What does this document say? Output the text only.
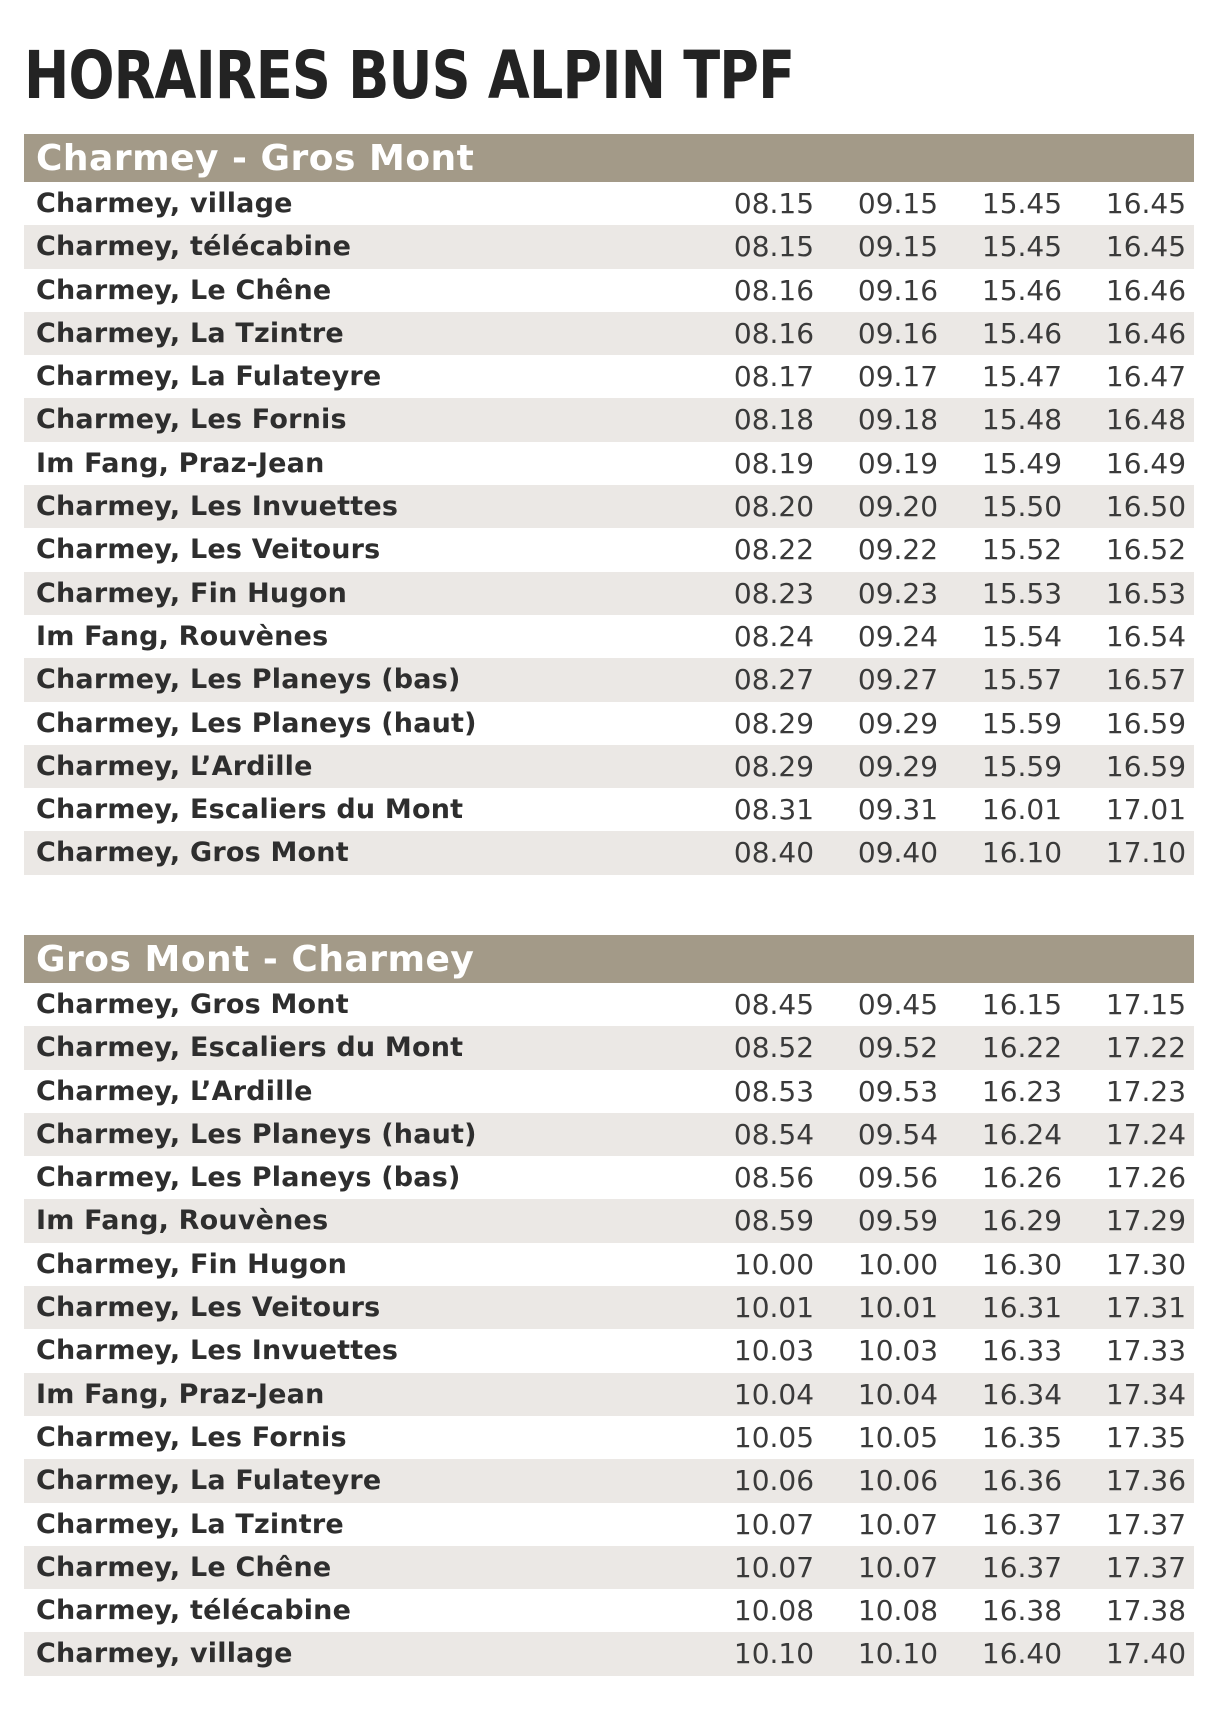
HORAIRES BUS ALPIN TPF
Charmey - Gros Mont
Charmey, village	08.15	09.15	15.45	16.45
Charmey, télécabine	08.15	09.15	15.45	16.45
Charmey, Le Chêne	08.16	09.16	15.46	16.46
Charmey, La Tzintre	08.16	09.16	15.46	16.46
Charmey, La Fulateyre	08.17	09.17	15.47	16.47
Charmey, Les Fornis	08.18	09.18	15.48	16.48
Im Fang, Praz-Jean	08.19	09.19	15.49	16.49
Charmey, Les Invuettes	08.20	09.20	15.50	16.50
Charmey, Les Veitours	08.22	09.22	15.52	16.52
Charmey, Fin Hugon	08.23	09.23	15.53	16.53
Im Fang, Rouvènes	08.24	09.24	15.54	16.54
Charmey, Les Planeys (bas)	08.27	09.27	15.57	16.57
Charmey, Les Planeys (haut)	08.29	09.29	15.59	16.59
Charmey, L’Ardille	08.29	09.29	15.59	16.59
Charmey, Escaliers du Mont	08.31	09.31	16.01	17.01
Charmey, Gros Mont	08.40	09.40	16.10	17.10
Gros Mont - Charmey
Charmey, Gros Mont	08.45	09.45	16.15	17.15
Charmey, Escaliers du Mont	08.52	09.52	16.22	17.22
Charmey, L’Ardille	08.53	09.53	16.23	17.23
Charmey, Les Planeys (haut)	08.54	09.54	16.24	17.24
Charmey, Les Planeys (bas)	08.56	09.56	16.26	17.26
Im Fang, Rouvènes	08.59	09.59	16.29	17.29
Charmey, Fin Hugon	10.00	10.00	16.30	17.30
Charmey, Les Veitours	10.01	10.01	16.31	17.31
Charmey, Les Invuettes	10.03	10.03	16.33	17.33
Im Fang, Praz-Jean	10.04	10.04	16.34	17.34
Charmey, Les Fornis	10.05	10.05	16.35	17.35
Charmey, La Fulateyre	10.06	10.06	16.36	17.36
Charmey, La Tzintre	10.07	10.07	16.37	17.37
Charmey, Le Chêne	10.07	10.07	16.37	17.37
Charmey, télécabine	10.08	10.08	16.38	17.38
Charmey, village	10.10	10.10	16.40	17.40
